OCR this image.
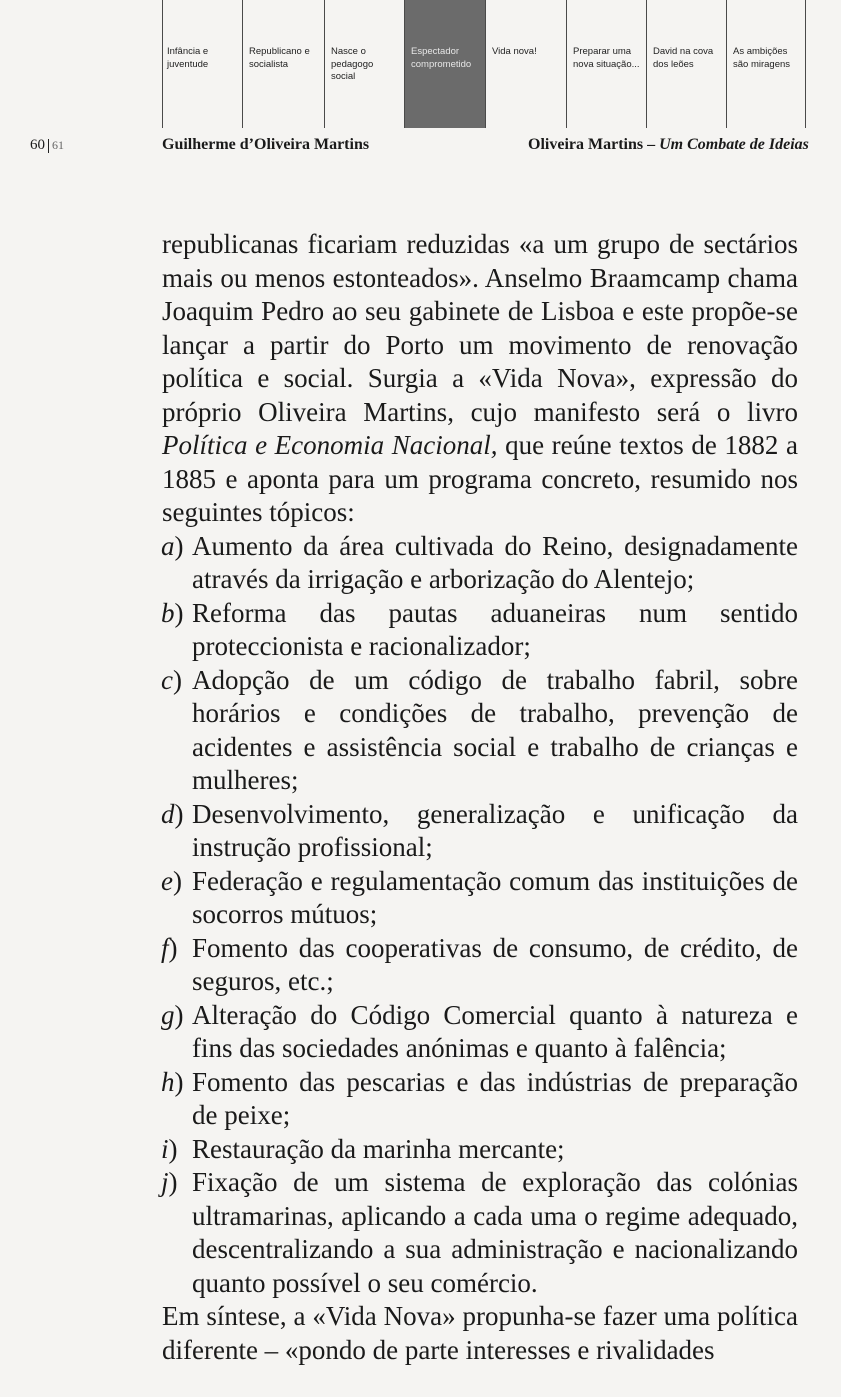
Infância e juventude
Republicano e socialista
Nasce o pedagogo social
Espectador comprometido
Vida nova!	Preparar uma nova situação...
David na cova dos leões
As ambições são miragens
60 61	Guilherme d’Oliveira Martins	Oliveira Martins – Um Combate de Ideias

republicanas ficariam reduzidas «a um grupo de sectários mais ou menos estonteados». Anselmo Braamcamp chama Joaquim Pedro ao seu gabinete de Lisboa e este propõe-se lançar a partir do Porto um movimento de renovação política e social. Surgia a «Vida Nova», expressão do próprio Oliveira Martins, cujo manifesto será o livro Política e Economia Nacional, que reúne textos de 1882 a 1885 e aponta para um programa concreto, resumido nos seguintes tópicos:

a) Aumento da área cultivada do Reino, designadamente através da irrigação e arborização do Alentejo;
b) Reforma das pautas aduaneiras num sentido proteccionista e racionalizador;
c) Adopção de um código de trabalho fabril, sobre horários e condições de trabalho, prevenção de acidentes e assistência social e trabalho de crianças e mulheres;
d) Desenvolvimento, generalização e unificação da instrução profissional;
e) Federação e regulamentação comum das instituições de socorros mútuos;
f) Fomento das cooperativas de consumo, de crédito, de seguros, etc.;
g) Alteração do Código Comercial quanto à natureza e fins das sociedades anónimas e quanto à falência;
h) Fomento das pescarias e das indústrias de preparação de peixe;
i) Restauração da marinha mercante;
j) Fixação de um sistema de exploração das colónias ultramarinas, aplicando a cada uma o regime adequado, descentralizando a sua administração e nacionalizando quanto possível o seu comércio.

Em síntese, a «Vida Nova» propunha-se fazer uma política diferente – «pondo de parte interesses e rivalidades
